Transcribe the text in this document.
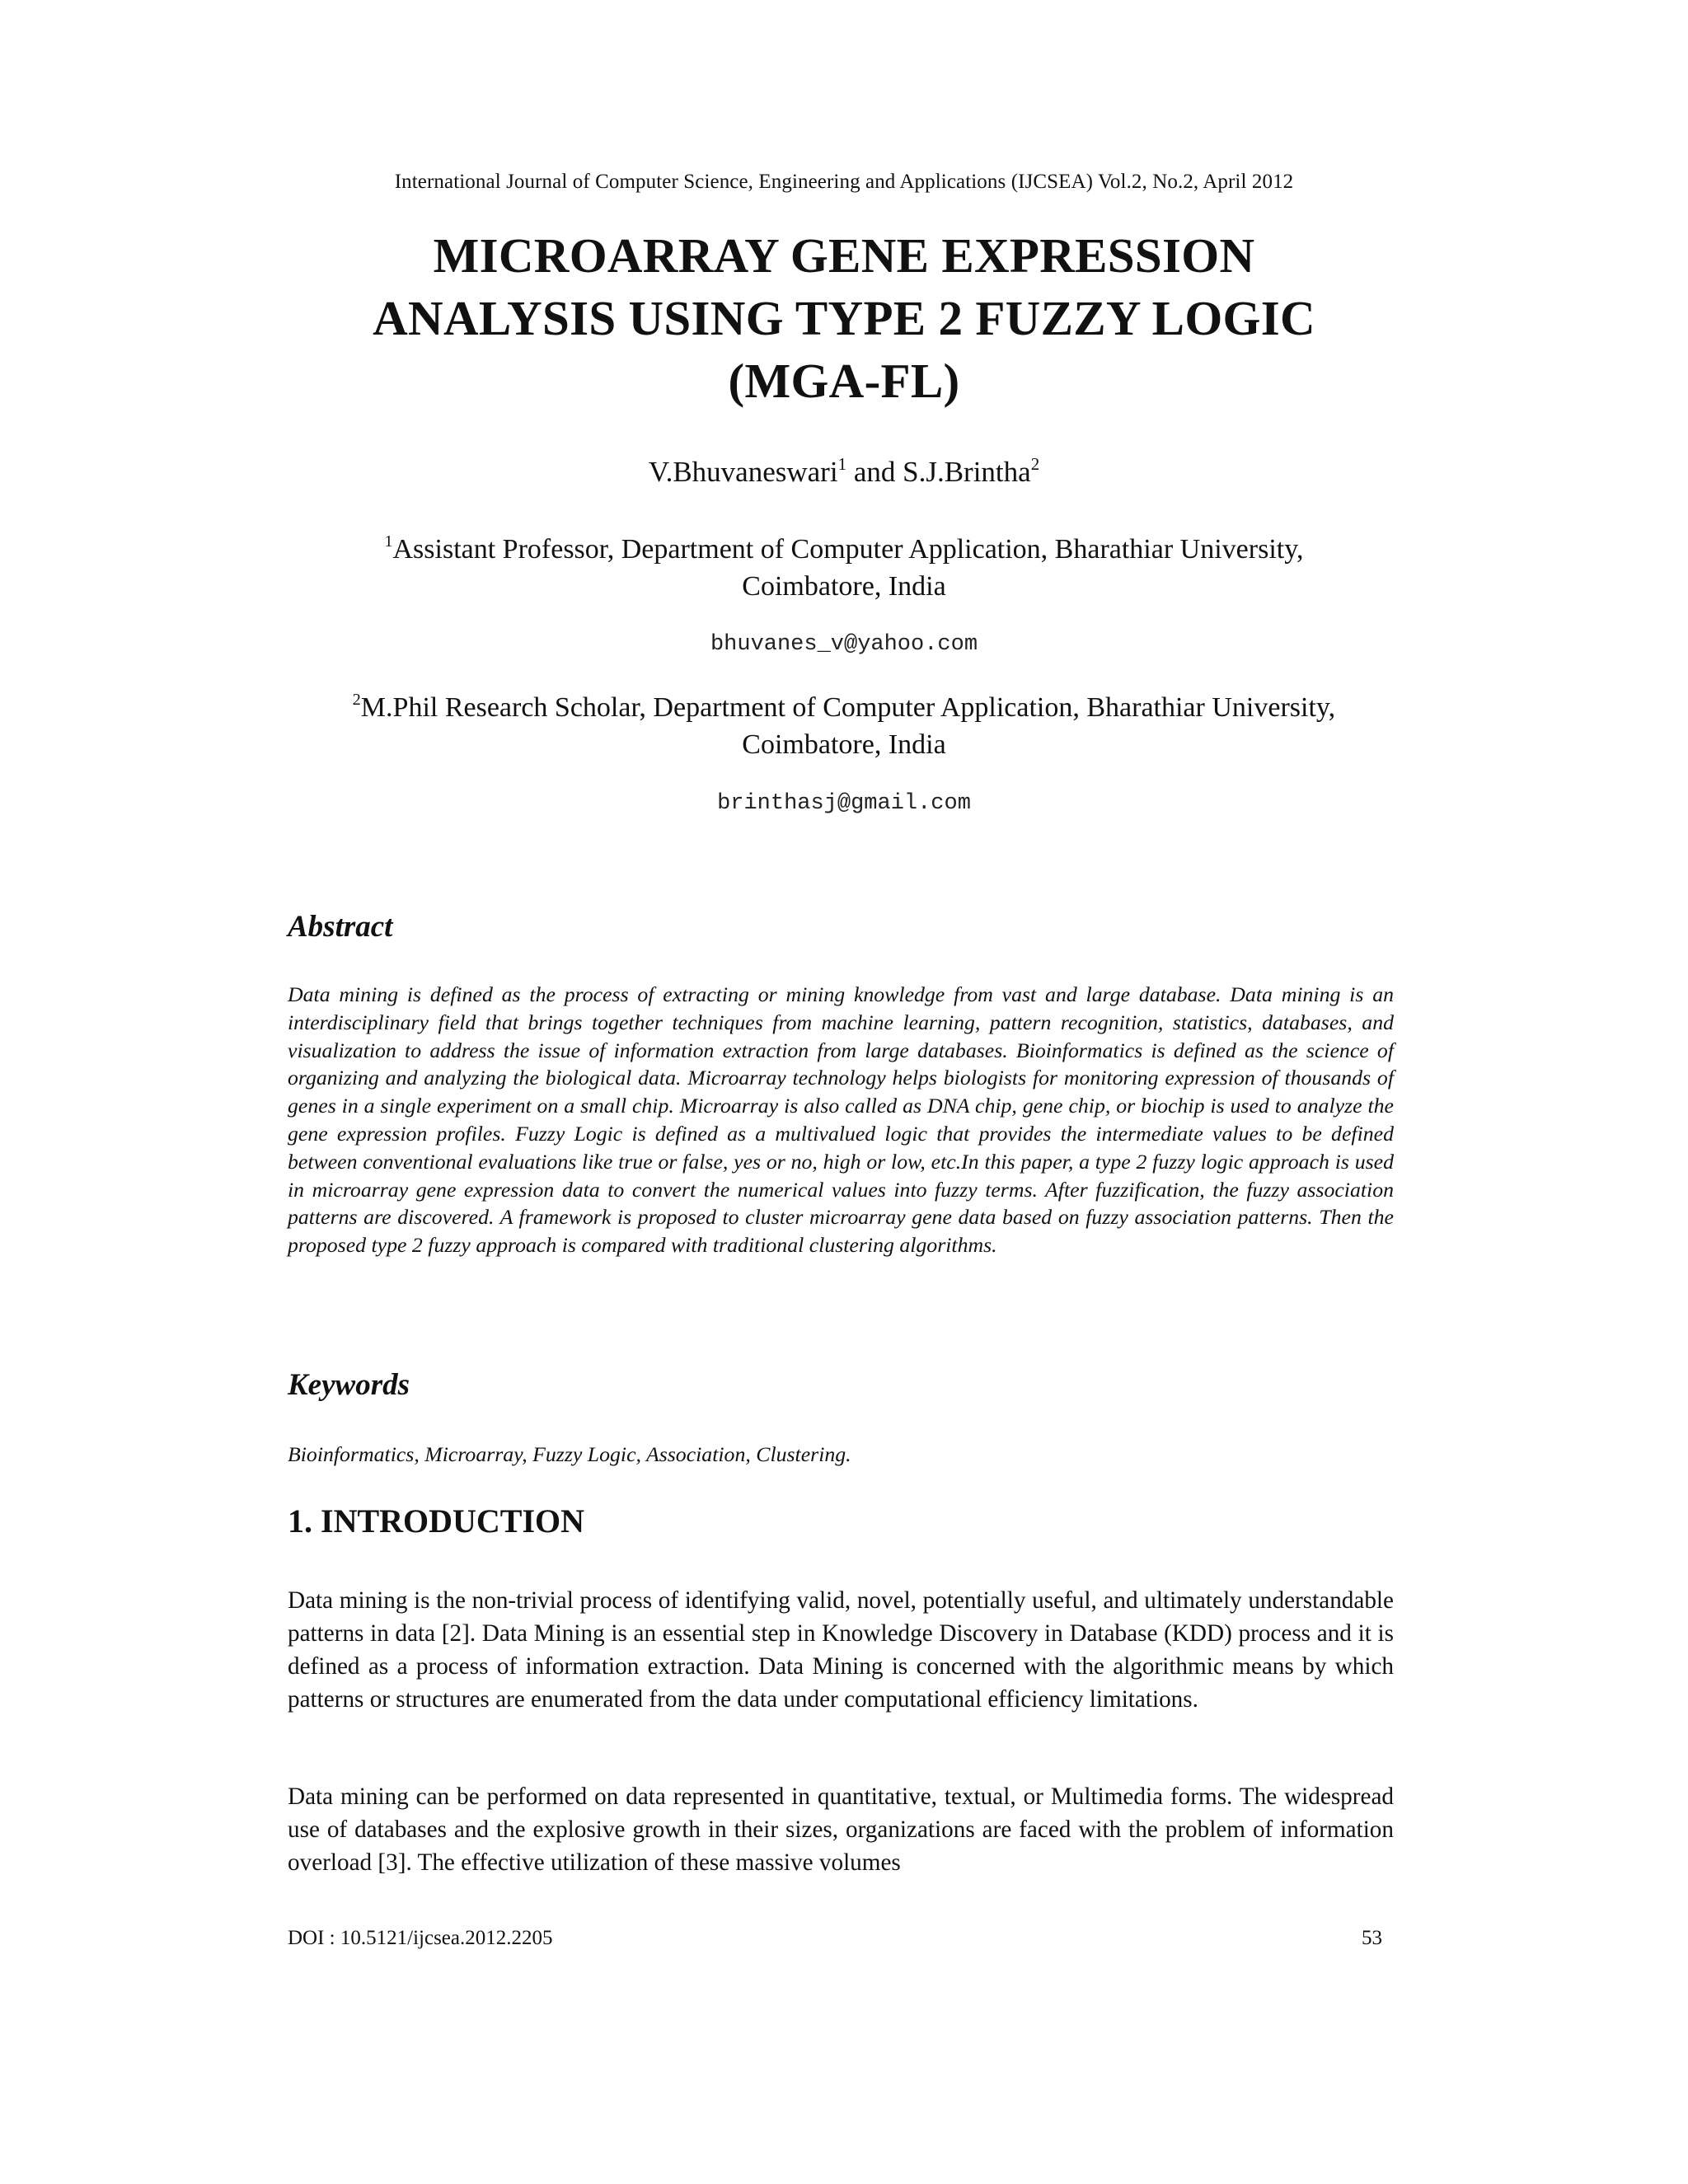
International Journal of Computer Science, Engineering and Applications (IJCSEA) Vol.2, No.2, April 2012
MICROARRAY GENE EXPRESSION
ANALYSIS USING TYPE 2 FUZZY LOGIC
(MGA-FL)
V.Bhuvaneswari$^1$ and S.J.Brintha$^2$
$^1$Assistant Professor, Department of Computer Application, Bharathiar University,
Coimbatore, India
bhuvanes_v@yahoo.com
$^2$M.Phil Research Scholar, Department of Computer Application, Bharathiar University,
Coimbatore, India
brinthasj@gmail.com
Abstract
Data mining is defined as the process of extracting or mining knowledge from vast and large database. Data mining is an interdisciplinary field that brings together techniques from machine learning, pattern recognition, statistics, databases, and visualization to address the issue of information extraction from large databases. Bioinformatics is defined as the science of organizing and analyzing the biological data. Microarray technology helps biologists for monitoring expression of thousands of genes in a single experiment on a small chip. Microarray is also called as DNA chip, gene chip, or biochip is used to analyze the gene expression profiles. Fuzzy Logic is defined as a multivalued logic that provides the intermediate values to be defined between conventional evaluations like true or false, yes or no, high or low, etc.In this paper, a type 2 fuzzy logic approach is used in microarray gene expression data to convert the numerical values into fuzzy terms. After fuzzification, the fuzzy association patterns are discovered. A framework is proposed to cluster microarray gene data based on fuzzy association patterns. Then the proposed type 2 fuzzy approach is compared with traditional clustering algorithms.
Keywords
Bioinformatics, Microarray, Fuzzy Logic, Association, Clustering.
1. INTRODUCTION
Data mining is the non-trivial process of identifying valid, novel, potentially useful, and ultimately understandable patterns in data [2]. Data Mining is an essential step in Knowledge Discovery in Database (KDD) process and it is defined as a process of information extraction. Data Mining is concerned with the algorithmic means by which patterns or structures are enumerated from the data under computational efficiency limitations.
Data mining can be performed on data represented in quantitative, textual, or Multimedia forms. The widespread use of databases and the explosive growth in their sizes, organizations are faced with the problem of information overload [3]. The effective utilization of these massive volumes
DOI : 10.5121/ijcsea.2012.2205	53
